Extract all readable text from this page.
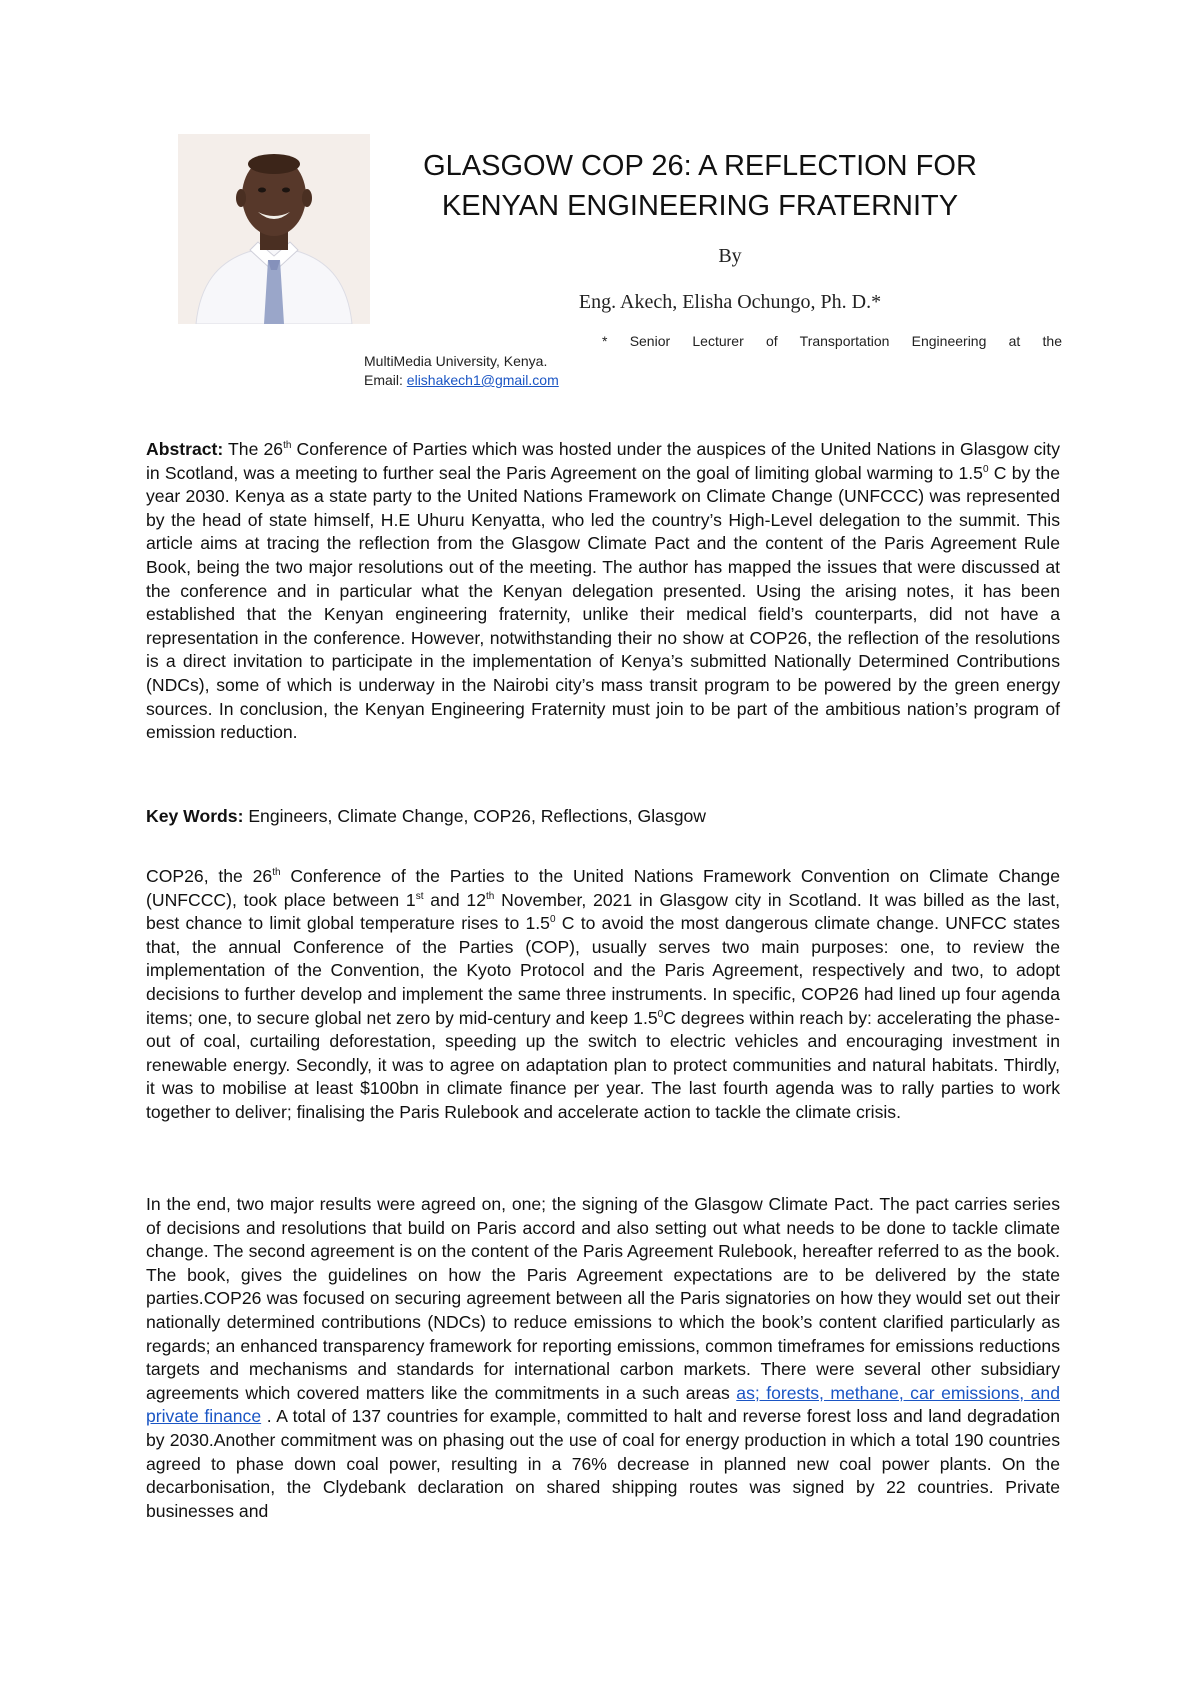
GLASGOW COP 26: A REFLECTION FOR
KENYAN ENGINEERING FRATERNITY
By
Eng. Akech, Elisha Ochungo, Ph. D.*
* Senior Lecturer of Transportation Engineering at the
MultiMedia University, Kenya.
Email: elishakech1@gmail.com
Abstract: The 26th Conference of Parties which was hosted under the auspices of the United Nations in Glasgow city in Scotland, was a meeting to further seal the Paris Agreement on the goal of limiting global warming to $1.5^0$ C by the year 2030. Kenya as a state party to the United Nations Framework on Climate Change (UNFCCC) was represented by the head of state himself, H.E Uhuru Kenyatta, who led the country’s High-Level delegation to the summit. This article aims at tracing the reflection from the Glasgow Climate Pact and the content of the Paris Agreement Rule Book, being the two major resolutions out of the meeting. The author has mapped the issues that were discussed at the conference and in particular what the Kenyan delegation presented. Using the arising notes, it has been established that the Kenyan engineering fraternity, unlike their medical field’s counterparts, did not have a representation in the conference. However, notwithstanding their no show at COP26, the reflection of the resolutions is a direct invitation to participate in the implementation of Kenya’s submitted Nationally Determined Contributions (NDCs), some of which is underway in the Nairobi city’s mass transit program to be powered by the green energy sources. In conclusion, the Kenyan Engineering Fraternity must join to be part of the ambitious nation’s program of emission reduction.
Key Words: Engineers, Climate Change, COP26, Reflections, Glasgow
COP26, the 26th Conference of the Parties to the United Nations Framework Convention on Climate Change (UNFCCC), took place between 1st and 12th November, 2021 in Glasgow city in Scotland. It was billed as the last, best chance to limit global temperature rises to $1.5^0$ C to avoid the most dangerous climate change. UNFCC states that, the annual Conference of the Parties (COP), usually serves two main purposes: one, to review the implementation of the Convention, the Kyoto Protocol and the Paris Agreement, respectively and two, to adopt decisions to further develop and implement the same three instruments. In specific, COP26 had lined up four agenda items; one, to secure global net zero by mid-century and keep $1.5^0C$ degrees within reach by: accelerating the phase-out of coal, curtailing deforestation, speeding up the switch to electric vehicles and encouraging investment in renewable energy. Secondly, it was to agree on adaptation plan to protect communities and natural habitats. Thirdly, it was to mobilise at least $100bn in climate finance per year. The last fourth agenda was to rally parties to work together to deliver; finalising the Paris Rulebook and accelerate action to tackle the climate crisis.
In the end, two major results were agreed on, one; the signing of the Glasgow Climate Pact. The pact carries series of decisions and resolutions that build on Paris accord and also setting out what needs to be done to tackle climate change. The second agreement is on the content of the Paris Agreement Rulebook, hereafter referred to as the book. The book, gives the guidelines on how the Paris Agreement expectations are to be delivered by the state parties.COP26 was focused on securing agreement between all the Paris signatories on how they would set out their nationally determined contributions (NDCs) to reduce emissions to which the book’s content clarified particularly as regards; an enhanced transparency framework for reporting emissions, common timeframes for emissions reductions targets and mechanisms and standards for international carbon markets. There were several other subsidiary agreements which covered matters like the commitments in a such areas as; forests, methane, car emissions, and private finance . A total of 137 countries for example, committed to halt and reverse forest loss and land degradation by 2030.Another commitment was on phasing out the use of coal for energy production in which a total 190 countries agreed to phase down coal power, resulting in a 76% decrease in planned new coal power plants. On the decarbonisation, the Clydebank declaration on shared shipping routes was signed by 22 countries. Private businesses and
